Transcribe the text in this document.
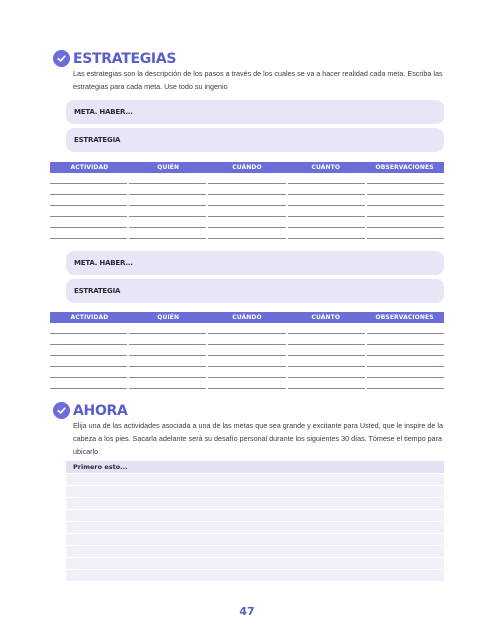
ESTRATEGIAS

Las estrategias son la descripción de los pasos a través de los cuales se va a hacer realidad cada meta. Escriba las estrategias para cada meta. Use todo su ingenio

META. HABER...
ESTRATEGIA
ACTIVIDAD	QUIÉN	CUÁNDO	CUÁNTO	OBSERVACIONES
META. HABER...
ESTRATEGIA
ACTIVIDAD	QUIÉN	CUÁNDO	CUÁNTO	OBSERVACIONES
AHORA

Elija una de las actividades asociada a una de las metas que sea grande y excitante para Usted, que le inspire de la cabeza a los pies. Sacarla adelante será su desafío personal durante los siguientes 30 días. Tómese el tiempo para ubicarlo.

Primero esto...
47
